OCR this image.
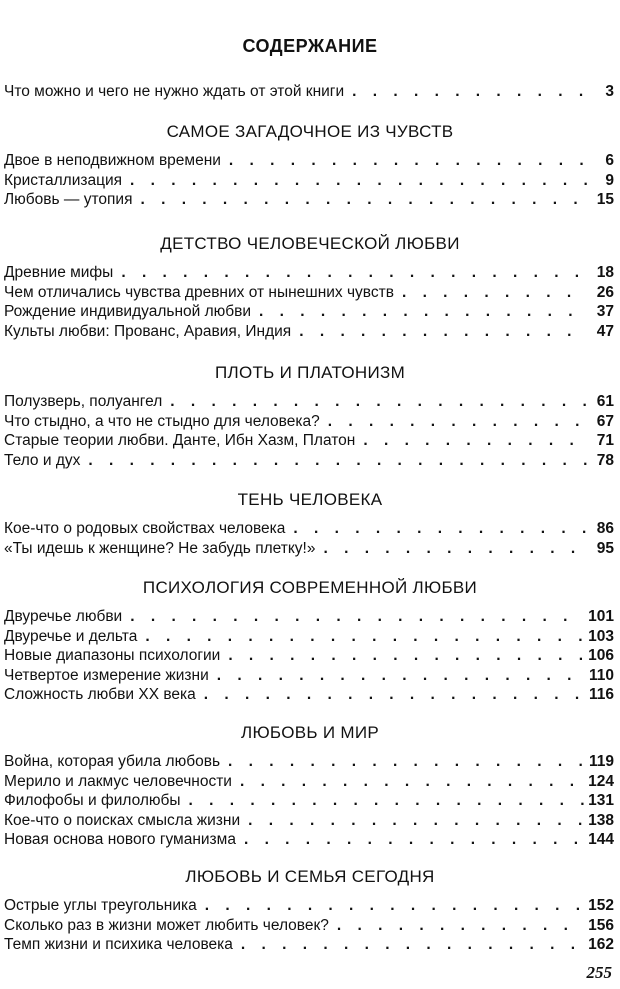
СОДЕРЖАНИЕ
Что можно и чего не нужно ждать от этой книги . . .	3
САМОЕ ЗАГАДОЧНОЕ ИЗ ЧУВСТВ
Двое в неподвижном времени . . .	6
Кристаллизация . . .	9
Любовь — утопия . . .	15
ДЕТСТВО ЧЕЛОВЕЧЕСКОЙ ЛЮБВИ
Древние мифы . . .	18
Чем отличались чувства древних от нынешних чувств . . .	26
Рождение индивидуальной любви . . .	37
Культы любви: Прованс, Аравия, Индия . . .	47
ПЛОТЬ И ПЛАТОНИЗМ
Полузверь, полуангел . . .	61
Что стыдно, а что не стыдно для человека? . . .	67
Старые теории любви. Данте, Ибн Хазм, Платон . . .	71
Тело и дух . . .	78
ТЕНЬ ЧЕЛОВЕКА
Кое-что о родовых свойствах человека . . .	86
«Ты идешь к женщине? Не забудь плетку!» . . .	95
ПСИХОЛОГИЯ СОВРЕМЕННОЙ ЛЮБВИ
Двуречье любви . . .	101
Двуречье и дельта . . .	103
Новые диапазоны психологии . . .	106
Четвертое измерение жизни . . .	110
Сложность любви XX века . . .	116
ЛЮБОВЬ И МИР
Война, которая убила любовь . . .	119
Мерило и лакмус человечности . . .	124
Филофобы и филолюбы . . .	131
Кое-что о поисках смысла жизни . . .	138
Новая основа нового гуманизма . . .	144
ЛЮБОВЬ И СЕМЬЯ СЕГОДНЯ
Острые углы треугольника . . .	152
Сколько раз в жизни может любить человек? . . .	156
Темп жизни и психика человека . . .	162
255
